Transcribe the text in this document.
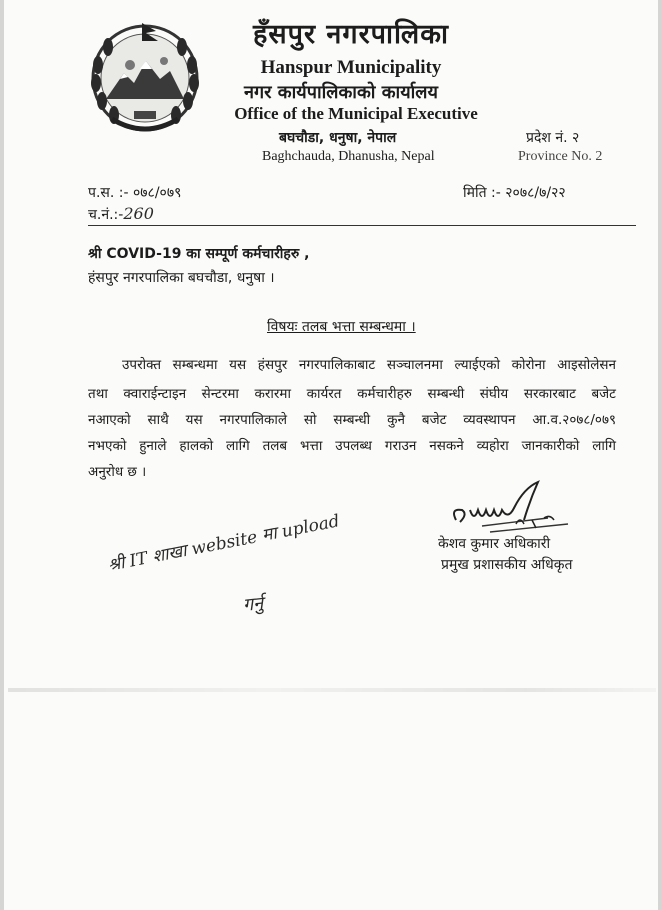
हँसपुर नगरपालिका
Hanspur Municipality
नगर कार्यपालिकाको कार्यालय
Office of the Municipal Executive
बघचौडा, धनुषा, नेपाल
Baghchauda, Dhanusha, Nepal
प्रदेश नं. २
Province No. 2
प.स. :- ०७८/०७९
च.नं.:-260
मिति :- २०७८/७/२२
श्री COVID-19 का सम्पूर्ण कर्मचारीहरु ,
हंसपुर नगरपालिका बघचौडा, धनुषा ।
विषयः तलब भत्ता सम्बन्धमा ।
उपरोक्त सम्बन्धमा यस हंसपुर नगरपालिकाबाट सञ्चालनमा ल्याईएको कोरोना आइसोलेसन
तथा क्वाराईन्टाइन सेन्टरमा करारमा कार्यरत कर्मचारीहरु सम्बन्धी संघीय सरकारबाट बजेट
नआएको साथै यस नगरपालिकाले सो सम्बन्धी कुनै बजेट व्यवस्थापन आ.व.२०७८/०७९
नभएको हुनाले हालको लागि तलब भत्ता उपलब्ध गराउन नसकने व्यहोरा जानकारीको लागि
अनुरोध छ ।
केशव कुमार अधिकारी
प्रमुख प्रशासकीय अधिकृत
श्री IT शाखा website मा upload
गर्नु
